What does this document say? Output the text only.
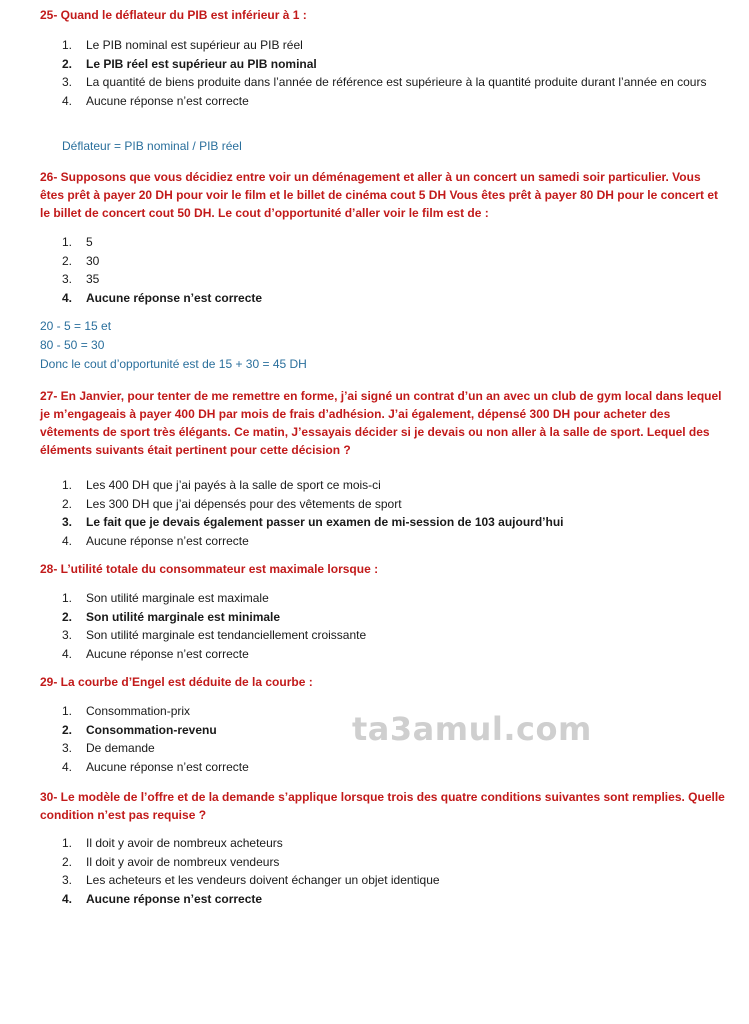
25- Quand le déflateur du PIB est inférieur à 1 :
1. Le PIB nominal est supérieur au PIB réel
2. Le PIB réel est supérieur au PIB nominal
3. La quantité de biens produite dans l’année de référence est supérieure à la quantité produite durant l’année en cours
4. Aucune réponse n’est correcte
Déflateur = PIB nominal / PIB réel
26- Supposons que vous décidiez entre voir un déménagement et aller à un concert un samedi soir particulier. Vous êtes prêt à payer 20 DH pour voir le film et le billet de cinéma cout 5 DH Vous êtes prêt à payer 80 DH pour le concert et le billet de concert cout 50 DH. Le cout d’opportunité d’aller voir le film est de :
1. 5
2. 30
3. 35
4. Aucune réponse n’est correcte
20 - 5 = 15 et
80 - 50 = 30
Donc le cout d’opportunité est de 15 + 30 = 45 DH
27- En Janvier, pour tenter de me remettre en forme, j’ai signé un contrat d’un an avec un club de gym local dans lequel je m’engageais à payer 400 DH par mois de frais d’adhésion. J’ai également, dépensé 300 DH pour acheter des vêtements de sport très élégants. Ce matin, J’essayais décider si je devais ou non aller à la salle de sport. Lequel des éléments suivants était pertinent pour cette décision ?
1. Les 400 DH que j’ai payés à la salle de sport ce mois-ci
2. Les 300 DH que j’ai dépensés pour des vêtements de sport
3. Le fait que je devais également passer un examen de mi-session de 103 aujourd’hui
4. Aucune réponse n’est correcte
28- L’utilité totale du consommateur est maximale lorsque :
1. Son utilité marginale est maximale
2. Son utilité marginale est minimale
3. Son utilité marginale est tendanciellement croissante
4. Aucune réponse n’est correcte
29- La courbe d’Engel est déduite de la courbe :
1. Consommation-prix
2. Consommation-revenu
3. De demande
4. Aucune réponse n’est correcte
ta3amul.com
30- Le modèle de l’offre et de la demande s’applique lorsque trois des quatre conditions suivantes sont remplies. Quelle condition n’est pas requise ?
1. Il doit y avoir de nombreux acheteurs
2. Il doit y avoir de nombreux vendeurs
3. Les acheteurs et les vendeurs doivent échanger un objet identique
4. Aucune réponse n’est correcte
